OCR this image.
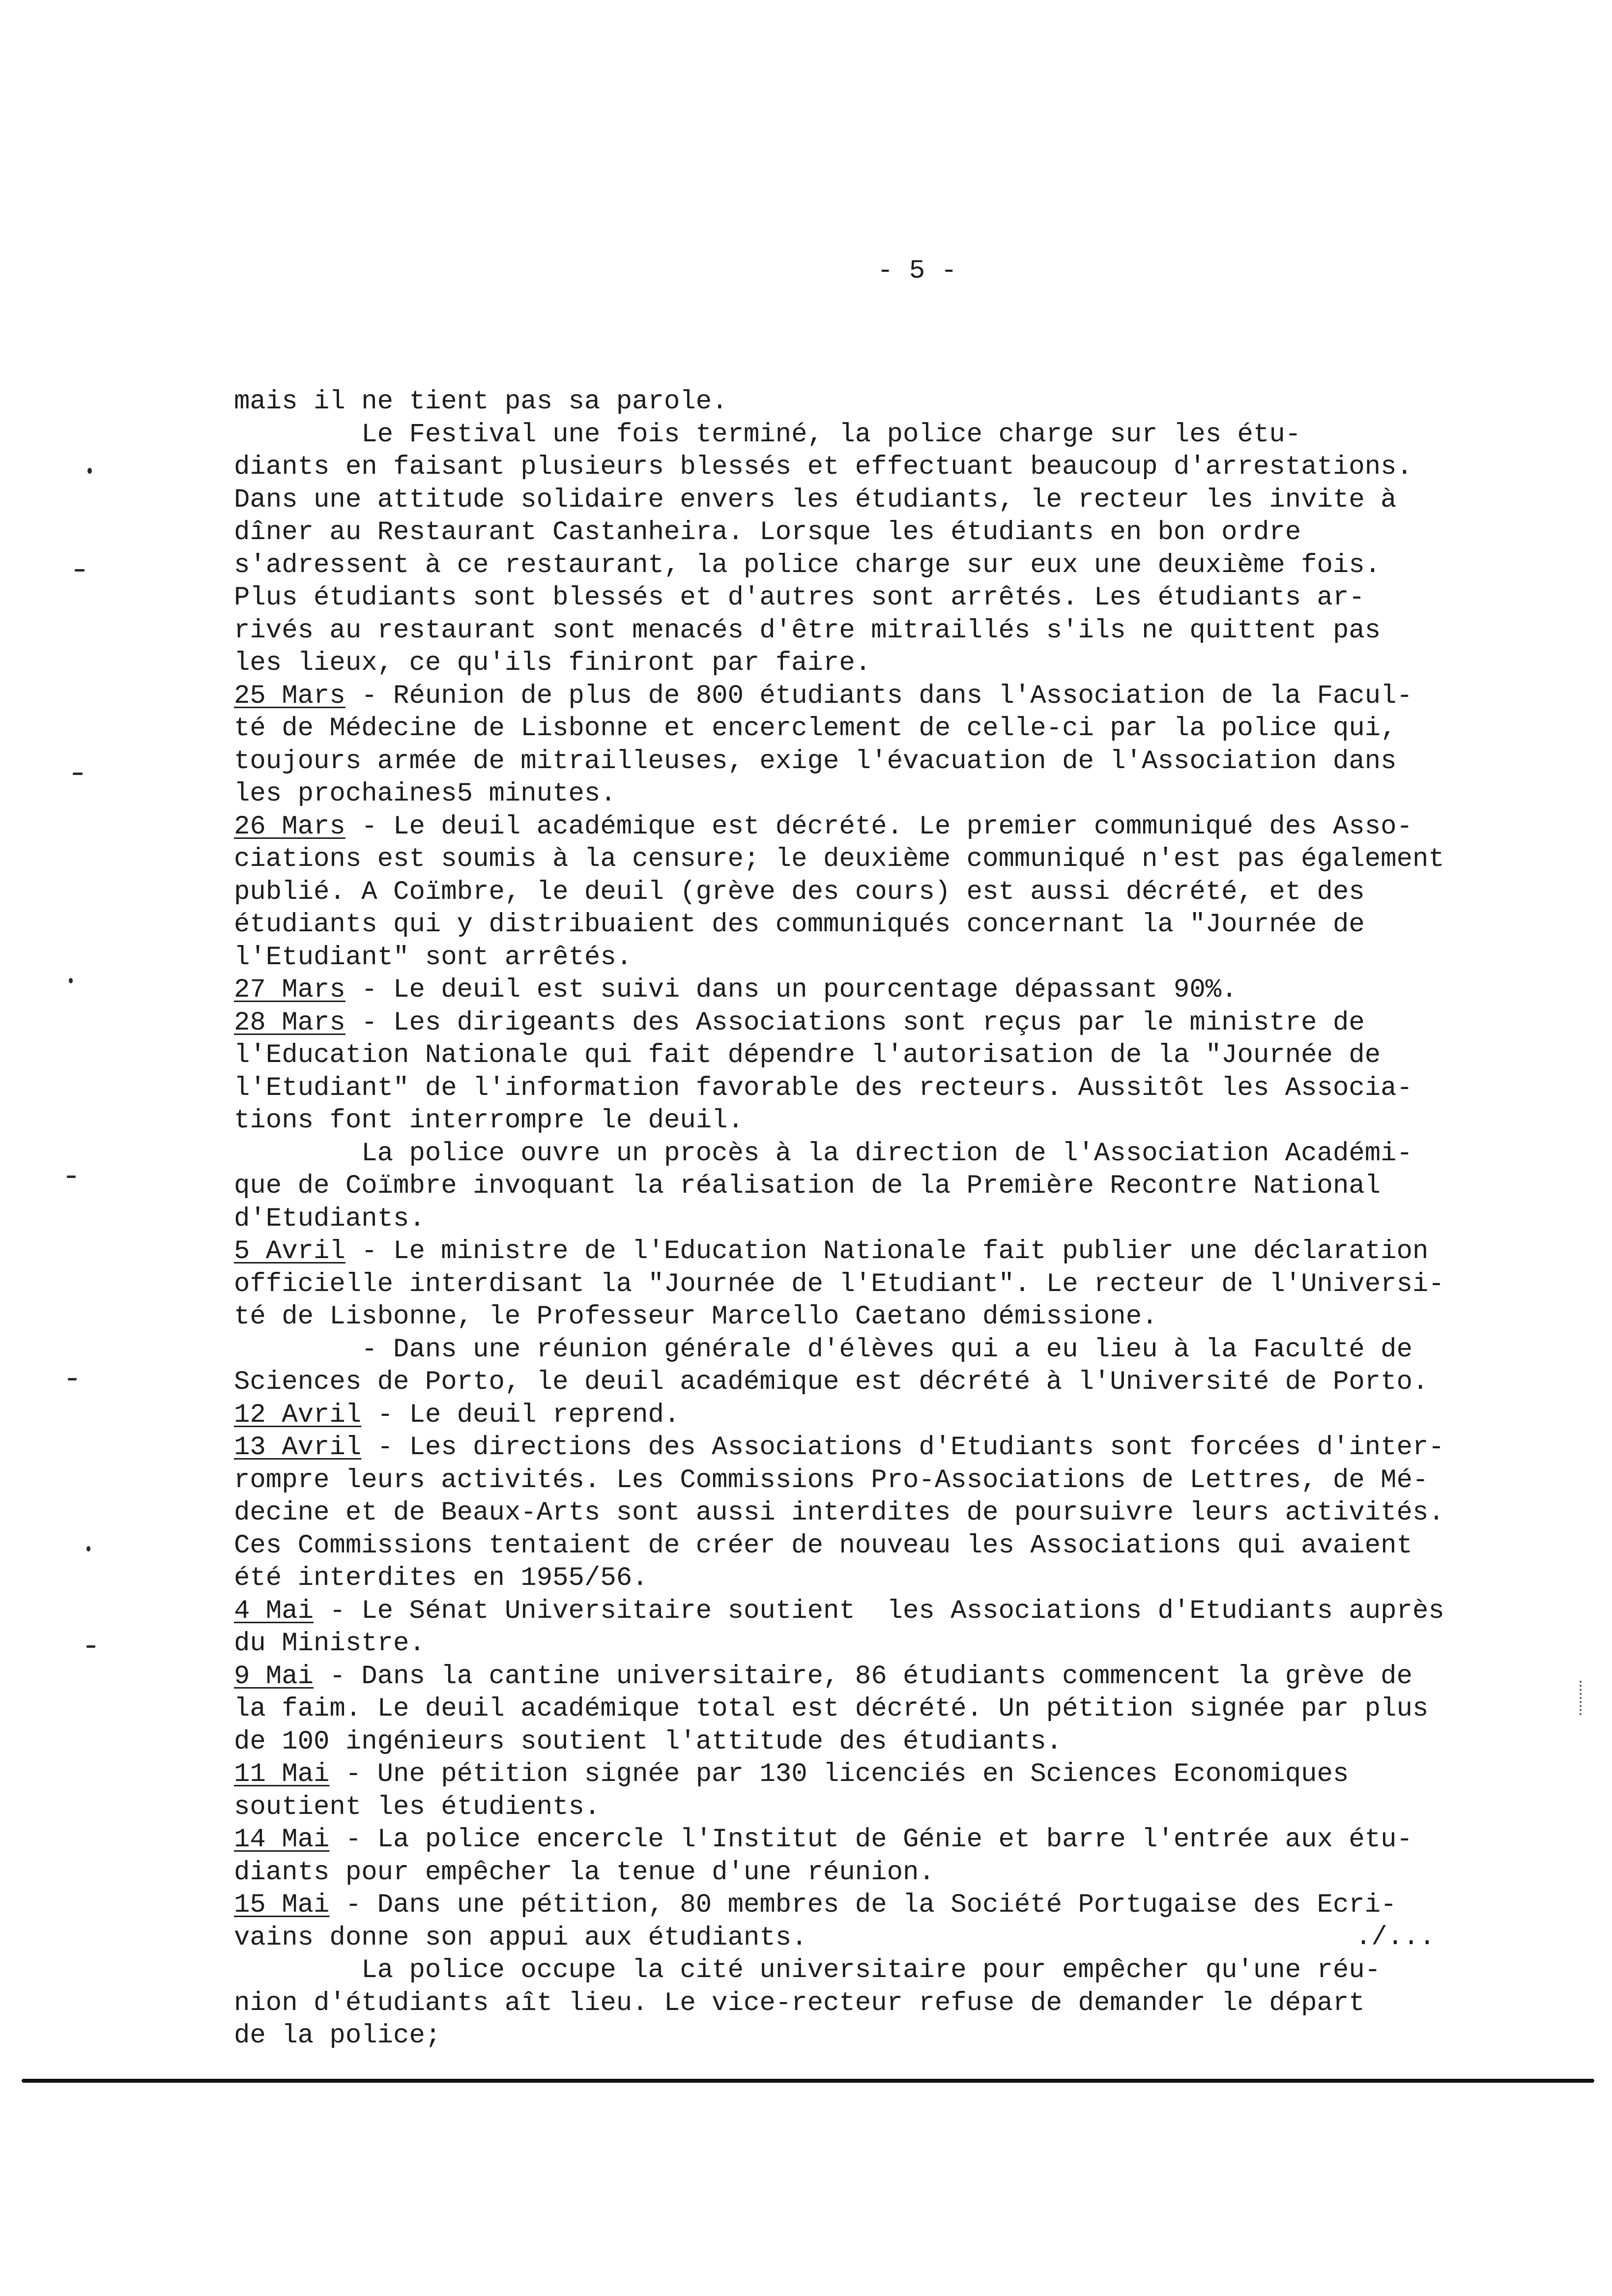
- 5 -

mais il ne tient pas sa parole.
Le Festival une fois terminé, la police charge sur les étu-
diants en faisant plusieurs blessés et effectuant beaucoup d'arrestations.
Dans une attitude solidaire envers les étudiants, le recteur les invite à
dîner au Restaurant Castanheira. Lorsque les étudiants en bon ordre
s'adressent à ce restaurant, la police charge sur eux une deuxième fois.
Plus étudiants sont blessés et d'autres sont arrêtés. Les étudiants ar-
rivés au restaurant sont menacés d'être mitraillés s'ils ne quittent pas
les lieux, ce qu'ils finiront par faire.
25 Mars - Réunion de plus de 800 étudiants dans l'Association de la Facul-
té de Médecine de Lisbonne et encerclement de celle-ci par la police qui,
toujours armée de mitrailleuses, exige l'évacuation de l'Association dans
les prochaines5 minutes.
26 Mars - Le deuil académique est décrété. Le premier communiqué des Asso-
ciations est soumis à la censure; le deuxième communiqué n'est pas également
publié. A Coïmbre, le deuil (grève des cours) est aussi décrété, et des
étudiants qui y distribuaient des communiqués concernant la "Journée de
l'Etudiant" sont arrêtés.
27 Mars - Le deuil est suivi dans un pourcentage dépassant 90%.
28 Mars - Les dirigeants des Associations sont reçus par le ministre de
l'Education Nationale qui fait dépendre l'autorisation de la "Journée de
l'Etudiant" de l'information favorable des recteurs. Aussitôt les Associa-
tions font interrompre le deuil.
La police ouvre un procès à la direction de l'Association Académi-
que de Coïmbre invoquant la réalisation de la Première Recontre National
d'Etudiants.
5 Avril - Le ministre de l'Education Nationale fait publier une déclaration
officielle interdisant la "Journée de l'Etudiant". Le recteur de l'Universi-
té de Lisbonne, le Professeur Marcello Caetano démissione.
- Dans une réunion générale d'élèves qui a eu lieu à la Faculté de
Sciences de Porto, le deuil académique est décrété à l'Université de Porto.
12 Avril - Le deuil reprend.
13 Avril - Les directions des Associations d'Etudiants sont forcées d'inter-
rompre leurs activités. Les Commissions Pro-Associations de Lettres, de Mé-
decine et de Beaux-Arts sont aussi interdites de poursuivre leurs activités.
Ces Commissions tentaient de créer de nouveau les Associations qui avaient
été interdites en 1955/56.
4 Mai - Le Sénat Universitaire soutient  les Associations d'Etudiants auprès
du Ministre.
9 Mai - Dans la cantine universitaire, 86 étudiants commencent la grève de
la faim. Le deuil académique total est décrété. Un pétition signée par plus
de 100 ingénieurs soutient l'attitude des étudiants.
11 Mai - Une pétition signée par 130 licenciés en Sciences Economiques
soutient les étudients.
14 Mai - La police encercle l'Institut de Génie et barre l'entrée aux étu-
diants pour empêcher la tenue d'une réunion.
15 Mai - Dans une pétition, 80 membres de la Société Portugaise des Ecri-
vains donne son appui aux étudiants.
La police occupe la cité universitaire pour empêcher qu'une réu-
nion d'étudiants aît lieu. Le vice-recteur refuse de demander le départ
de la police;
./...
